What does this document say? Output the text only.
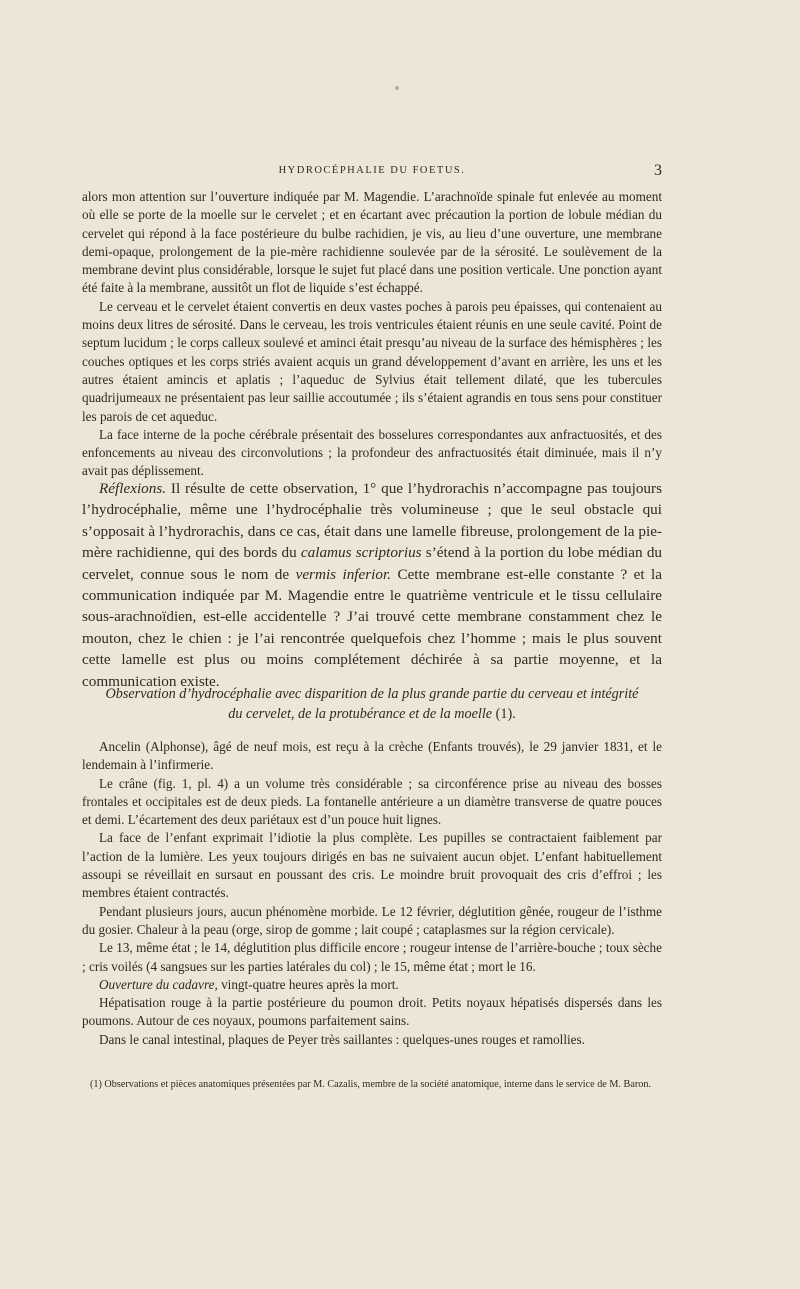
HYDROCÉPHALIE DU FOETUS.	3

alors mon attention sur l’ouverture indiquée par M. Magendie. L’arachnoïde spinale fut enlevée au moment où elle se porte de la moelle sur le cervelet ; et en écartant avec précaution la portion de lobule médian du cervelet qui répond à la face postérieure du bulbe rachidien, je vis, au lieu d’une ouverture, une membrane demi-opaque, prolongement de la pie-mère rachidienne soulevée par de la sérosité. Le soulèvement de la membrane devint plus considérable, lorsque le sujet fut placé dans une position verticale. Une ponction ayant été faite à la membrane, aussitôt un flot de liquide s’est échappé.

Le cerveau et le cervelet étaient convertis en deux vastes poches à parois peu épaisses, qui contenaient au moins deux litres de sérosité. Dans le cerveau, les trois ventricules étaient réunis en une seule cavité. Point de septum lucidum ; le corps calleux soulevé et aminci était presqu’au niveau de la surface des hémisphères ; les couches optiques et les corps striés avaient acquis un grand développement d’avant en arrière, les uns et les autres étaient amincis et aplatis ; l’aqueduc de Sylvius était tellement dilaté, que les tubercules quadrijumeaux ne présentaient pas leur saillie accoutumée ; ils s’étaient agrandis en tous sens pour constituer les parois de cet aqueduc.

La face interne de la poche cérébrale présentait des bosselures correspondantes aux anfractuosités, et des enfoncements au niveau des circonvolutions ; la profondeur des anfractuosités était diminuée, mais il n’y avait pas déplissement.

Réflexions. Il résulte de cette observation, 1° que l’hydrorachis n’accompagne pas toujours l’hydrocéphalie, même une l’hydrocéphalie très volumineuse ; que le seul obstacle qui s’opposait à l’hydrorachis, dans ce cas, était dans une lamelle fibreuse, prolongement de la pie-mère rachidienne, qui des bords du calamus scriptorius s’étend à la portion du lobe médian du cervelet, connue sous le nom de vermis inferior. Cette membrane est-elle constante ? et la communication indiquée par M. Magendie entre le quatrième ventricule et le tissu cellulaire sous-arachnoïdien, est-elle accidentelle ? J’ai trouvé cette membrane constamment chez le mouton, chez le chien : je l’ai rencontrée quelquefois chez l’homme ; mais le plus souvent cette lamelle est plus ou moins complétement déchirée à sa partie moyenne, et la communication existe.

Observation d’hydrocéphalie avec disparition de la plus grande partie du cerveau et intégrité
du cervelet, de la protubérance et de la moelle (1).

Ancelin (Alphonse), âgé de neuf mois, est reçu à la crèche (Enfants trouvés), le 29 janvier 1831, et le lendemain à l’infirmerie.

Le crâne (fig. 1, pl. 4) a un volume très considérable ; sa circonférence prise au niveau des bosses frontales et occipitales est de deux pieds. La fontanelle antérieure a un diamètre transverse de quatre pouces et demi. L’écartement des deux pariétaux est d’un pouce huit lignes.

La face de l’enfant exprimait l’idiotie la plus complète. Les pupilles se contractaient faiblement par l’action de la lumière. Les yeux toujours dirigés en bas ne suivaient aucun objet. L’enfant habituellement assoupi se réveillait en sursaut en poussant des cris. Le moindre bruit provoquait des cris d’effroi ; les membres étaient contractés.

Pendant plusieurs jours, aucun phénomène morbide. Le 12 février, déglutition gênée, rougeur de l’isthme du gosier. Chaleur à la peau (orge, sirop de gomme ; lait coupé ; cataplasmes sur la région cervicale).

Le 13, même état ; le 14, déglutition plus difficile encore ; rougeur intense de l’arrière-bouche ; toux sèche ; cris voilés (4 sangsues sur les parties latérales du col) ; le 15, même état ; mort le 16.

Ouverture du cadavre, vingt-quatre heures après la mort.

Hépatisation rouge à la partie postérieure du poumon droit. Petits noyaux hépatisés dispersés dans les poumons. Autour de ces noyaux, poumons parfaitement sains.

Dans le canal intestinal, plaques de Peyer très saillantes : quelques-unes rouges et ramollies.

(1) Observations et pièces anatomiques présentées par M. Cazalis, membre de la société anatomique, interne dans le service de M. Baron.
